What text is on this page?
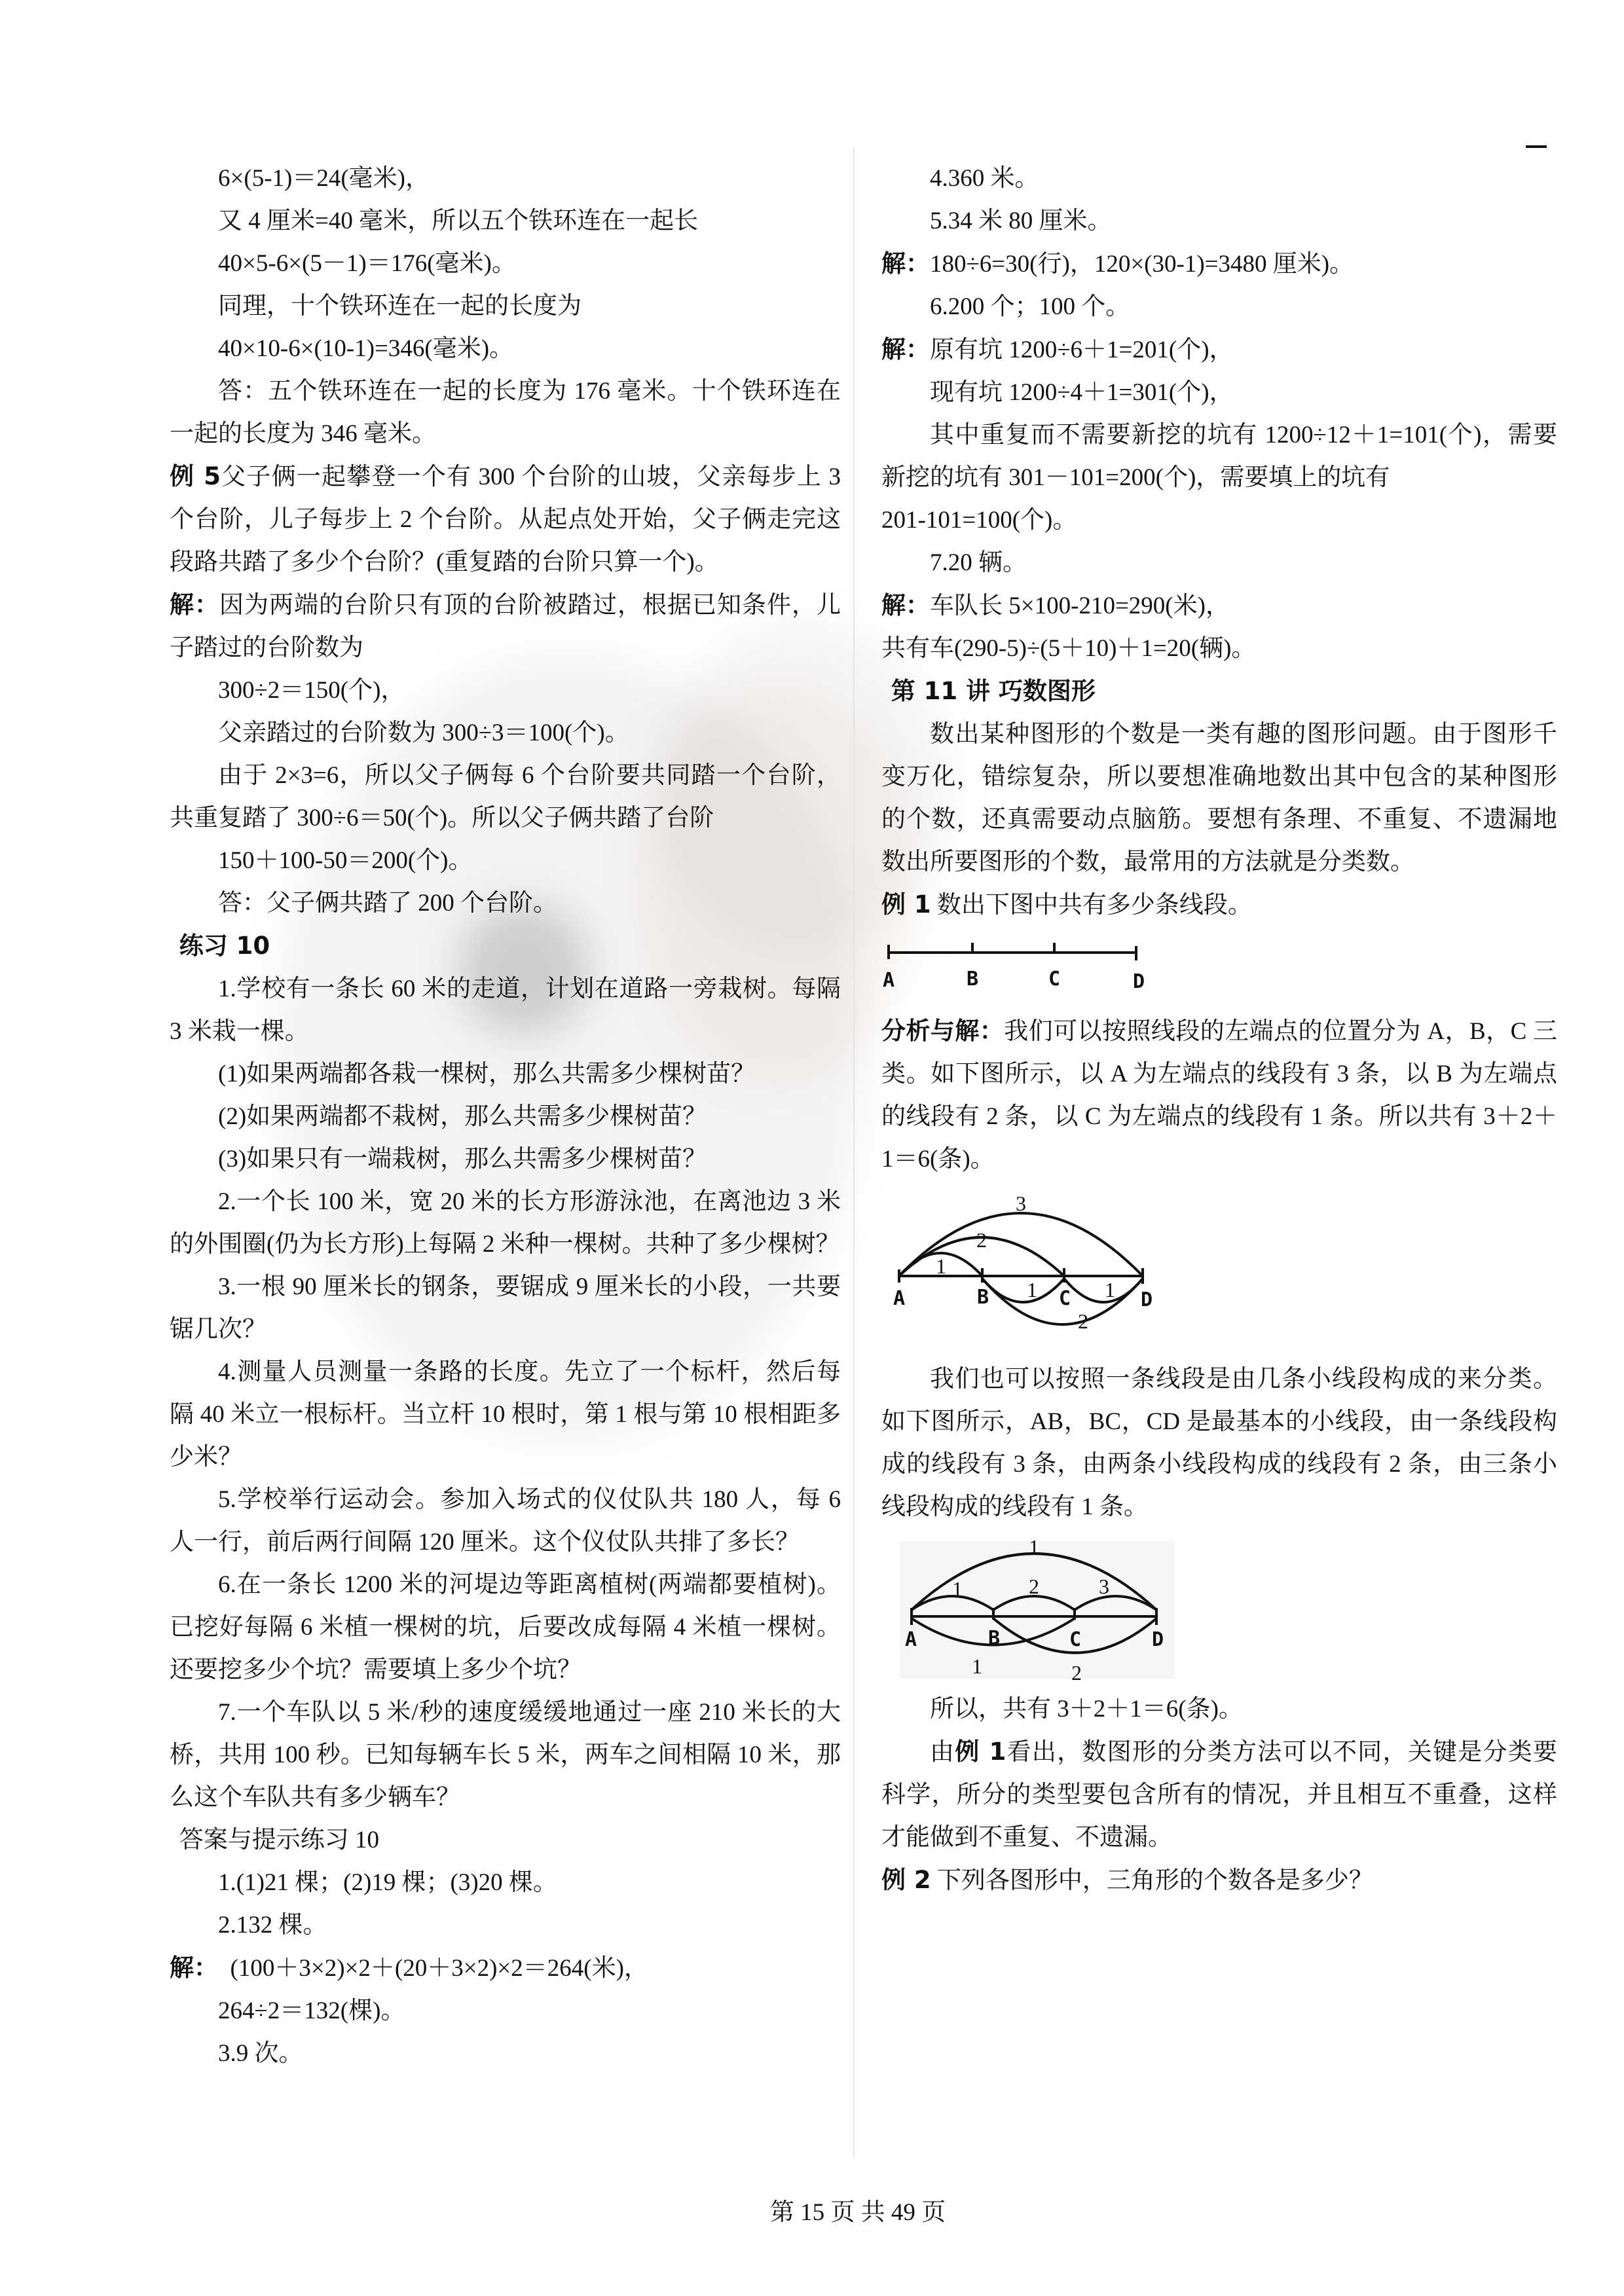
6×(5-1)＝24(毫米)，

又 4 厘米=40 毫米，所以五个铁环连在一起长

40×5-6×(5－1)＝176(毫米)。

同理，十个铁环连在一起的长度为

40×10-6×(10-1)=346(毫米)。

答：五个铁环连在一起的长度为 176 毫米。十个铁环连在一起的长度为 346 毫米。

例 5父子俩一起攀登一个有 300 个台阶的山坡，父亲每步上 3 个台阶，儿子每步上 2 个台阶。从起点处开始，父子俩走完这段路共踏了多少个台阶？(重复踏的台阶只算一个)。

解：因为两端的台阶只有顶的台阶被踏过，根据已知条件，儿子踏过的台阶数为

300÷2＝150(个)，

父亲踏过的台阶数为 300÷3＝100(个)。

由于 2×3=6，所以父子俩每 6 个台阶要共同踏一个台阶，共重复踏了 300÷6＝50(个)。所以父子俩共踏了台阶

150＋100-50＝200(个)。

答：父子俩共踏了 200 个台阶。

练习 10

1.学校有一条长 60 米的走道，计划在道路一旁栽树。每隔 3 米栽一棵。

(1)如果两端都各栽一棵树，那么共需多少棵树苗？

(2)如果两端都不栽树，那么共需多少棵树苗？

(3)如果只有一端栽树，那么共需多少棵树苗？

2.一个长 100 米，宽 20 米的长方形游泳池，在离池边 3 米的外围圈(仍为长方形)上每隔 2 米种一棵树。共种了多少棵树？

3.一根 90 厘米长的钢条，要锯成 9 厘米长的小段，一共要锯几次？

4.测量人员测量一条路的长度。先立了一个标杆，然后每隔 40 米立一根标杆。当立杆 10 根时，第 1 根与第 10 根相距多少米？

5.学校举行运动会。参加入场式的仪仗队共 180 人，每 6 人一行，前后两行间隔 120 厘米。这个仪仗队共排了多长？

6.在一条长 1200 米的河堤边等距离植树(两端都要植树)。已挖好每隔 6 米植一棵树的坑，后要改成每隔 4 米植一棵树。还要挖多少个坑？需要填上多少个坑？

7.一个车队以 5 米/秒的速度缓缓地通过一座 210 米长的大桥，共用 100 秒。已知每辆车长 5 米，两车之间相隔 10 米，那么这个车队共有多少辆车？

答案与提示练习 10

1.(1)21 棵；(2)19 棵；(3)20 棵。

2.132 棵。

解：　(100＋3×2)×2＋(20＋3×2)×2＝264(米)，

264÷2＝132(棵)。

3.9 次。

4.360 米。

5.34 米 80 厘米。

解：180÷6=30(行)，120×(30-1)=3480 厘米)。

6.200 个；100 个。

解：原有坑 1200÷6＋1=201(个)，

现有坑 1200÷4＋1=301(个)，

其中重复而不需要新挖的坑有 1200÷12＋1=101(个)，需要新挖的坑有 301－101=200(个)，需要填上的坑有

201-101=100(个)。

7.20 辆。

解：车队长 5×100-210=290(米)，

共有车(290-5)÷(5＋10)＋1=20(辆)。

第 11 讲 巧数图形

数出某种图形的个数是一类有趣的图形问题。由于图形千变万化，错综复杂，所以要想准确地数出其中包含的某种图形的个数，还真需要动点脑筋。要想有条理、不重复、不遗漏地数出所要图形的个数，最常用的方法就是分类数。

例 1 数出下图中共有多少条线段。

A	B	C	D

分析与解：我们可以按照线段的左端点的位置分为 A，B，C 三类。如下图所示，以 A 为左端点的线段有 3 条，以 B 为左端点的线段有 2 条，以 C 为左端点的线段有 1 条。所以共有 3＋2＋1＝6(条)。

3
2
1
1	1
2
A	B	C	D

我们也可以按照一条线段是由几条小线段构成的来分类。如下图所示，AB，BC，CD 是最基本的小线段，由一条线段构成的线段有 3 条，由两条小线段构成的线段有 2 条，由三条小线段构成的线段有 1 条。

1
1	2	3
1	2
A	B	C	D

所以，共有 3＋2＋1＝6(条)。

由例 1看出，数图形的分类方法可以不同，关键是分类要科学，所分的类型要包含所有的情况，并且相互不重叠，这样才能做到不重复、不遗漏。

例 2 下列各图形中，三角形的个数各是多少？

第 15 页 共 49 页
